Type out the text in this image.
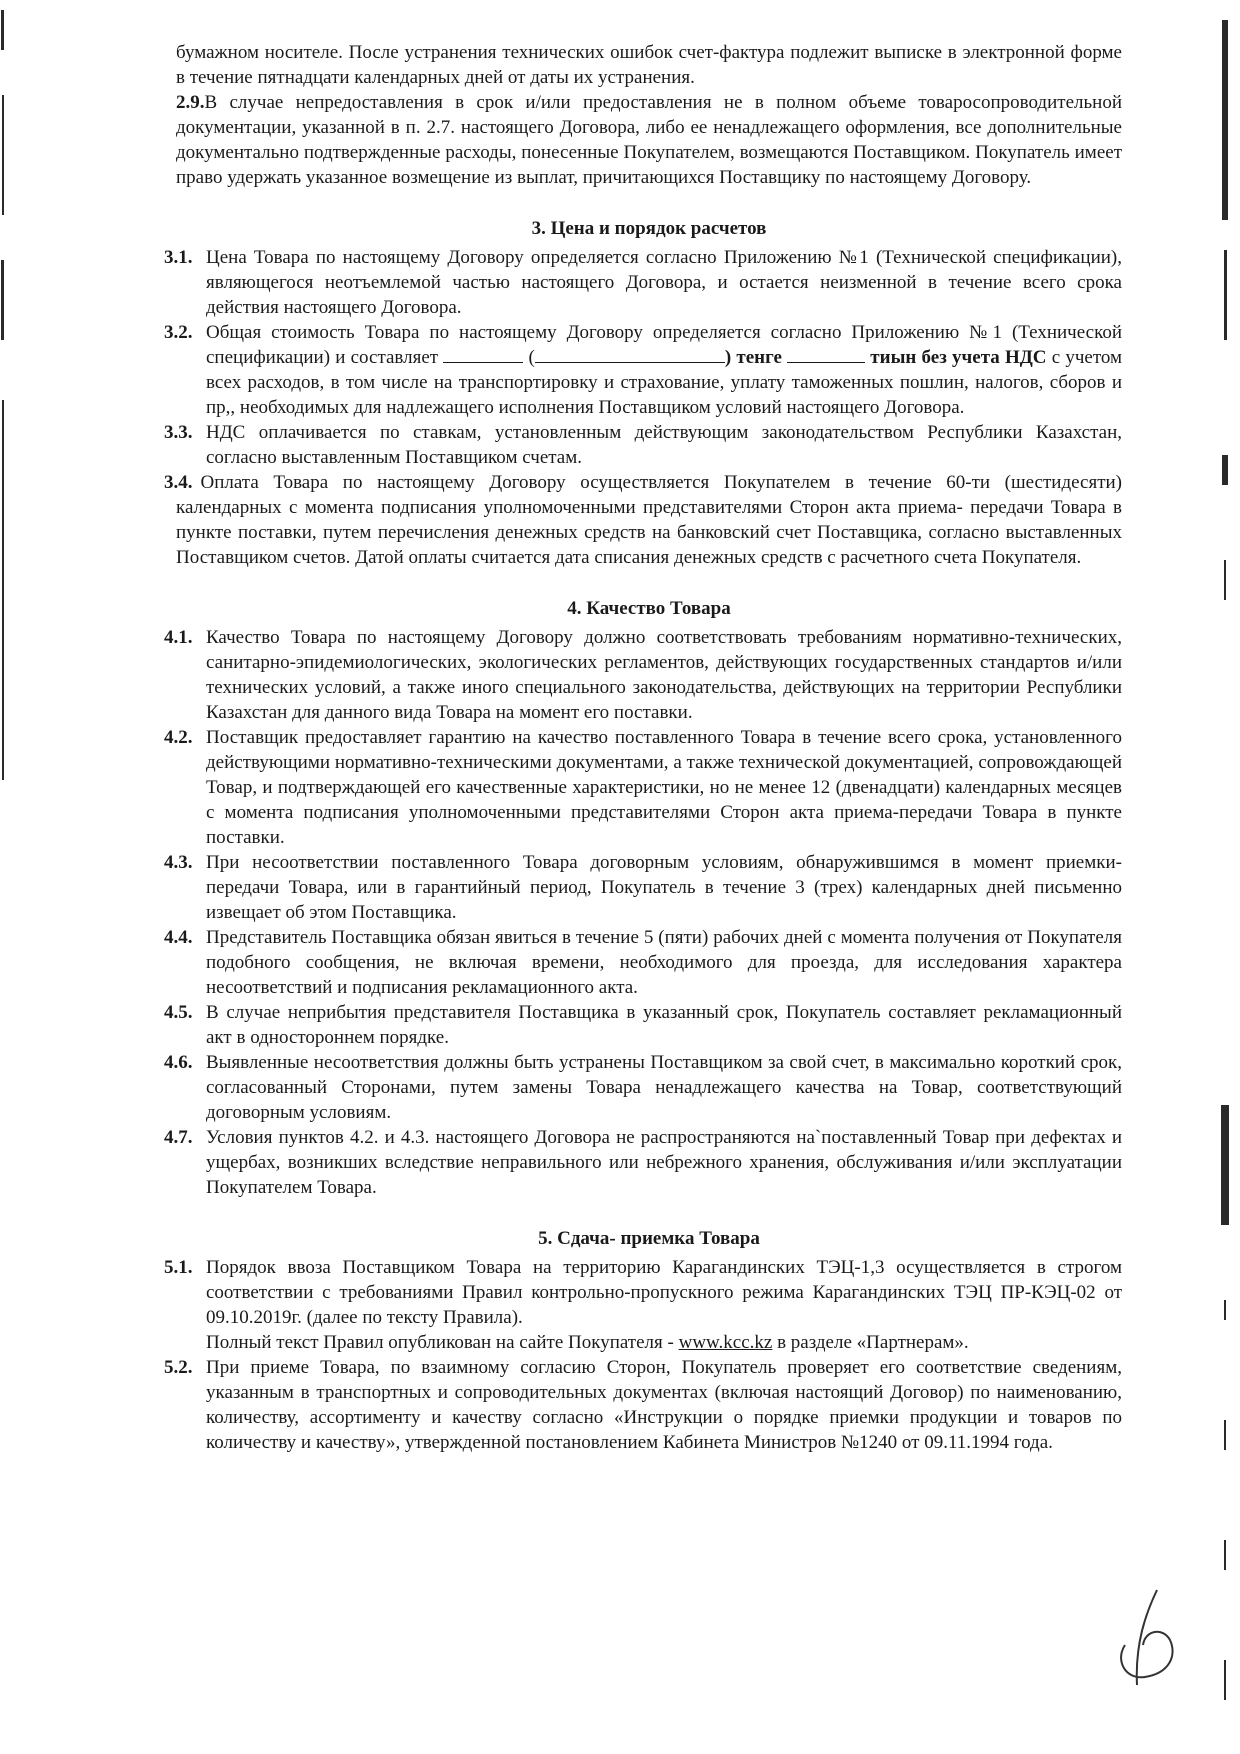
бумажном носителе. После устранения технических ошибок счет-фактура подлежит выписке в электронной форме в течение пятнадцати календарных дней от даты их устранения.

2.9.В случае непредоставления в срок и/или предоставления не в полном объеме товаросопроводительной документации, указанной в п. 2.7. настоящего Договора, либо ее ненадлежащего оформления, все дополнительные документально подтвержденные расходы, понесенные Покупателем, возмещаются Поставщиком. Покупатель имеет право удержать указанное возмещение из выплат, причитающихся Поставщику по настоящему Договору.

3. Цена и порядок расчетов
3.1. Цена Товара по настоящему Договору определяется согласно Приложению №1 (Технической спецификации), являющегося неотъемлемой частью настоящего Договора, и остается неизменной в течение всего срока действия настоящего Договора.
3.2. Общая стоимость Товара по настоящему Договору определяется согласно Приложению №1 (Технической спецификации) и составляет	(	) тенге	тиын без учета НДС с учетом всех расходов, в том числе на транспортировку и страхование, уплату таможенных пошлин, налогов, сборов и пр,, необходимых для надлежащего исполнения Поставщиком условий настоящего Договора.
3.3. НДС оплачивается по ставкам, установленным действующим законодательством Республики Казахстан, согласно выставленным Поставщиком счетам.

3.4. Оплата Товара по настоящему Договору осуществляется Покупателем в течение 60-ти (шестидесяти) календарных с момента подписания уполномоченными представителями Сторон акта приема- передачи Товара в пункте поставки, путем перечисления денежных средств на банковский счет Поставщика, согласно выставленных Поставщиком счетов. Датой оплаты считается дата списания денежных средств с расчетного счета Покупателя.

4. Качество Товара
4.1. Качество Товара по настоящему Договору должно соответствовать требованиям нормативно-технических, санитарно-эпидемиологических, экологических регламентов, действующих государственных стандартов и/или технических условий, а также иного специального законодательства, действующих на территории Республики Казахстан для данного вида Товара на момент его поставки.
4.2. Поставщик предоставляет гарантию на качество поставленного Товара в течение всего срока, установленного действующими нормативно-техническими документами, а также технической документацией, сопровождающей Товар, и подтверждающей его качественные характеристики, но не менее 12 (двенадцати) календарных месяцев с момента подписания уполномоченными представителями Сторон акта приема-передачи Товара в пункте поставки.
4.3. При несоответствии поставленного Товара договорным условиям, обнаружившимся в момент приемки-передачи Товара, или в гарантийный период, Покупатель в течение 3 (трех) календарных дней письменно извещает об этом Поставщика.
4.4. Представитель Поставщика обязан явиться в течение 5 (пяти) рабочих дней с момента получения от Покупателя подобного сообщения, не включая времени, необходимого для проезда, для исследования характера несоответствий и подписания рекламационного акта.
4.5. В случае неприбытия представителя Поставщика в указанный срок, Покупатель составляет рекламационный акт в одностороннем порядке.
4.6. Выявленные несоответствия должны быть устранены Поставщиком за свой счет, в максимально короткий срок, согласованный Сторонами, путем замены Товара ненадлежащего качества на Товар, соответствующий договорным условиям.
4.7. Условия пунктов 4.2. и 4.3. настоящего Договора не распространяются на`поставленный Товар при дефектах и ущербах, возникших вследствие неправильного или небрежного хранения, обслуживания и/или эксплуатации Покупателем Товара.
5. Сдача- приемка Товара
5.1. Порядок ввоза Поставщиком Товара на территорию Карагандинских ТЭЦ-1,3 осуществляется в строгом соответствии с требованиями Правил контрольно-пропускного режима Карагандинских ТЭЦ ПР-КЭЦ-02 от 09.10.2019г. (далее по тексту Правила).
Полный текст Правил опубликован на сайте Покупателя - www.kcc.kz в разделе «Партнерам».
5.2. При приеме Товара, по взаимному согласию Сторон, Покупатель проверяет его соответствие сведениям, указанным в транспортных и сопроводительных документах (включая настоящий Договор) по наименованию, количеству, ассортименту и качеству согласно «Инструкции о порядке приемки продукции и товаров по количеству и качеству», утвержденной постановлением Кабинета Министров №1240 от 09.11.1994 года.
